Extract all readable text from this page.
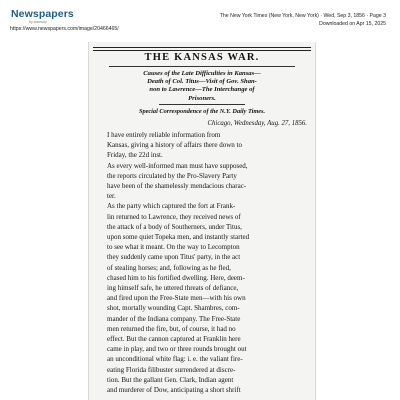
Newspapers
by ancestry
https://www.newspapers.com/image/20466465/
The New York Times (New York, New York) · Wed, Sep 3, 1856 · Page 3
Downloaded on Apr 15, 2025
THE KANSAS WAR.
Causes of the Late Difficulties in Kansas—
Death of Col. Titus—Visit of Gov. Shan-
non to Lawrence—The Interchange of
Prisoners.
Special Correspondence of the N.Y. Daily Times.
Chicago, Wednesday, Aug. 27, 1856.
I have entirely reliable information from
Kansas, giving a history of affairs there down to
Friday, the 22d inst.
As every well-informed man must have supposed,
the reports circulated by the Pro-Slavery Party
have been of the shamelessly mendacious charac-
ter.
As the party which captured the fort at Frank-
lin returned to Lawrence, they received news of
the attack of a body of Southerners, under Titus,
upon some quiet Topeka men, and instantly started
to see what it meant. On the way to Lecompton
they suddenly came upon Titus' party, in the act
of stealing horses; and, following as he fled,
chased him to his fortified dwelling. Here, deem-
ing himself safe, he uttered threats of defiance,
and fired upon the Free-State men—with his own
shot, mortally wounding Capt. Shambres, com-
mander of the Indiana company. The Free-State
men returned the fire, but, of course, it had no
effect. But the cannon captured at Franklin here
came in play, and two or three rounds brought out
an unconditional white flag: i. e. the valiant fire-
eating Florida filibuster surrendered at discre-
tion. But the gallant Gen. Clark, Indian agent
and murderer of Dow, anticipating a short shrift
